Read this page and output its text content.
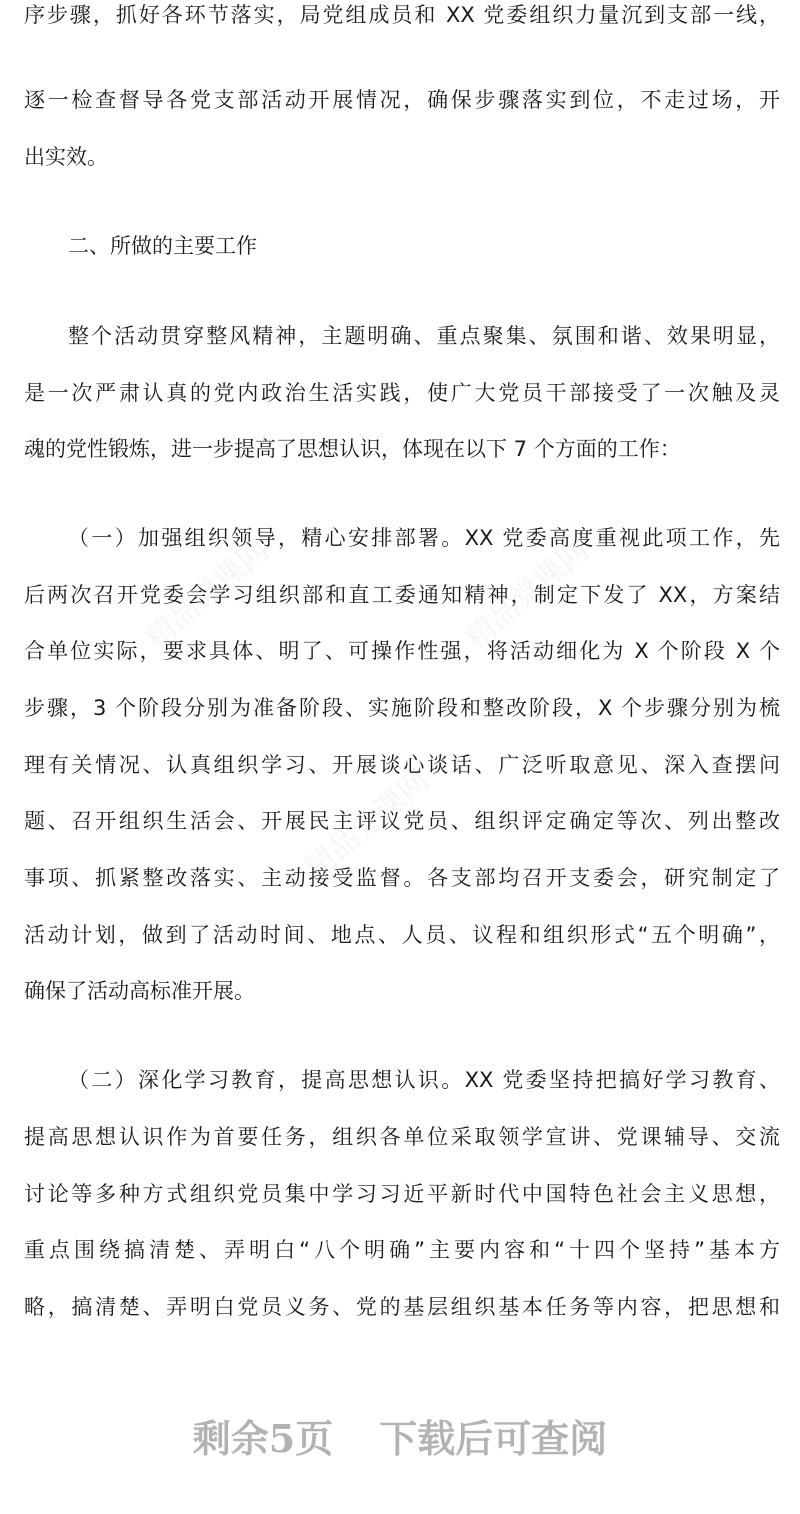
精品党课网	精品党课网
精品党课网
序步骤，抓好各环节落实，局党组成员和 XX 党委组织力量沉到支部一线，
逐一检查督导各党支部活动开展情况，确保步骤落实到位，不走过场，开
出实效。
二、所做的主要工作
整个活动贯穿整风精神，主题明确、重点聚集、氛围和谐、效果明显，
是一次严肃认真的党内政治生活实践，使广大党员干部接受了一次触及灵
魂的党性锻炼，进一步提高了思想认识，体现在以下 7 个方面的工作：
（一）加强组织领导，精心安排部署。XX 党委高度重视此项工作，先
后两次召开党委会学习组织部和直工委通知精神，制定下发了 XX，方案结
合单位实际，要求具体、明了、可操作性强，将活动细化为 X 个阶段 X 个
步骤，3 个阶段分别为准备阶段、实施阶段和整改阶段，X 个步骤分别为梳
理有关情况、认真组织学习、开展谈心谈话、广泛听取意见、深入查摆问
题、召开组织生活会、开展民主评议党员、组织评定确定等次、列出整改
事项、抓紧整改落实、主动接受监督。各支部均召开支委会，研究制定了
活动计划，做到了活动时间、地点、人员、议程和组织形式“五个明确”，
确保了活动高标准开展。
（二）深化学习教育，提高思想认识。XX 党委坚持把搞好学习教育、
提高思想认识作为首要任务，组织各单位采取领学宣讲、党课辅导、交流
讨论等多种方式组织党员集中学习习近平新时代中国特色社会主义思想，
重点围绕搞清楚、弄明白“八个明确”主要内容和“十四个坚持”基本方
略，搞清楚、弄明白党员义务、党的基层组织基本任务等内容，把思想和
剩余5页 下载后可查阅
